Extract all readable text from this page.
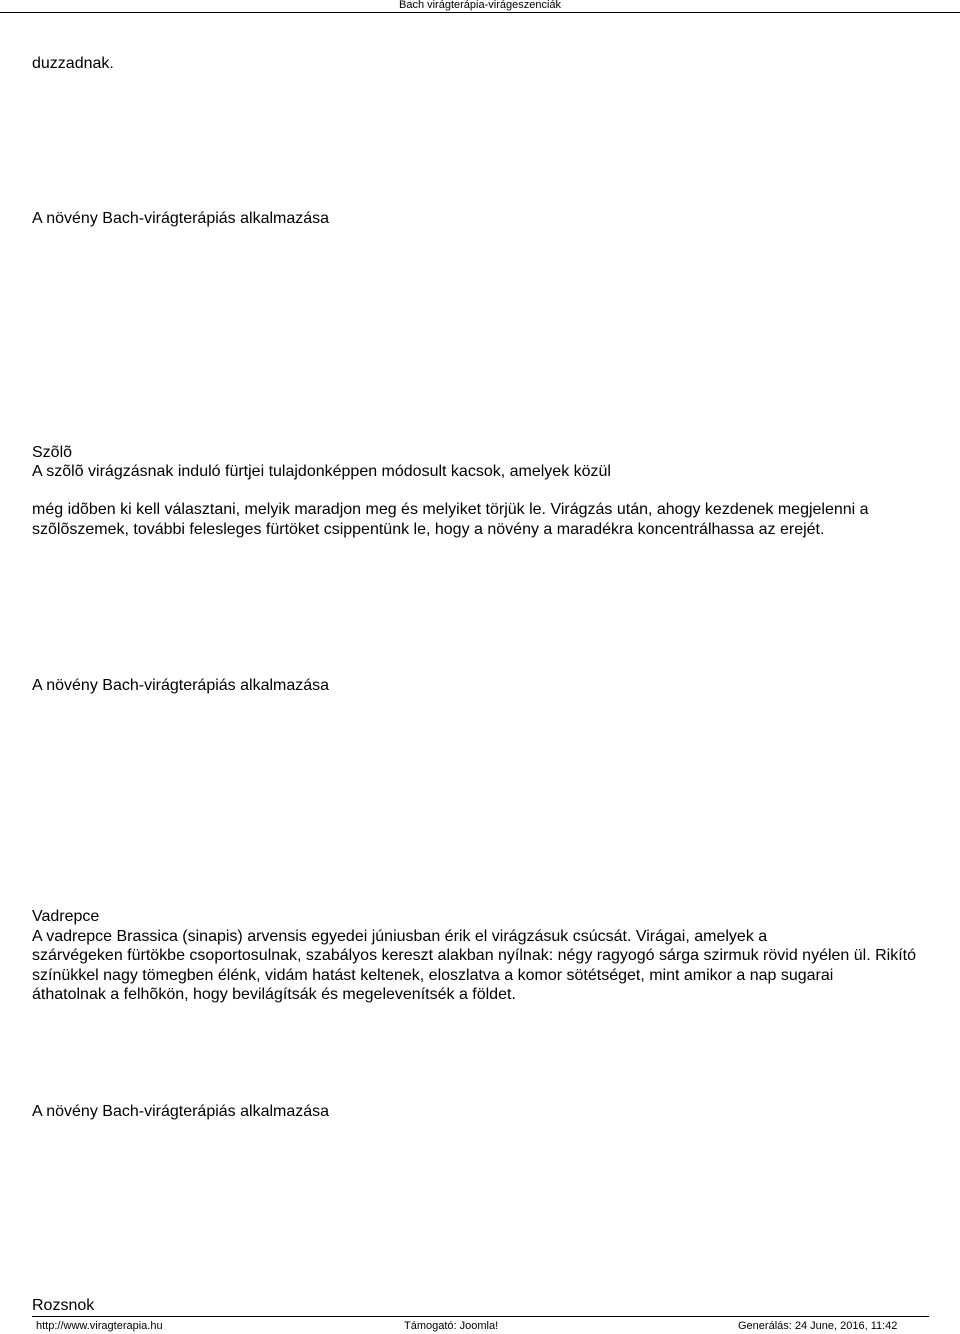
Bach virágterápia-virágeszenciák

duzzadnak.

A növény Bach-virágterápiás alkalmazása

Szõlõ

A szõlõ virágzásnak induló fürtjei tulajdonképpen módosult kacsok, amelyek közül

még idõben ki kell választani, melyik maradjon meg és melyiket törjük le. Virágzás után, ahogy kezdenek megjelenni a

szõlõszemek, további felesleges fürtöket csippentünk le, hogy a növény a maradékra koncentrálhassa az erejét.

A növény Bach-virágterápiás alkalmazása

Vadrepce

A vadrepce Brassica (sinapis) arvensis egyedei júniusban érik el virágzásuk csúcsát. Virágai, amelyek a

szárvégeken fürtökbe csoportosulnak, szabályos kereszt alakban nyílnak: négy ragyogó sárga szirmuk rövid nyélen ül. Rikító

színükkel nagy tömegben élénk, vidám hatást keltenek, eloszlatva a komor sötétséget, mint amikor a nap sugarai

áthatolnak a felhõkön, hogy bevilágítsák és megelevenítsék a földet.

A növény Bach-virágterápiás alkalmazása

Rozsnok

http://www.viragterapia.hu	Támogató: Joomla!	Generálás: 24 June, 2016, 11:42
